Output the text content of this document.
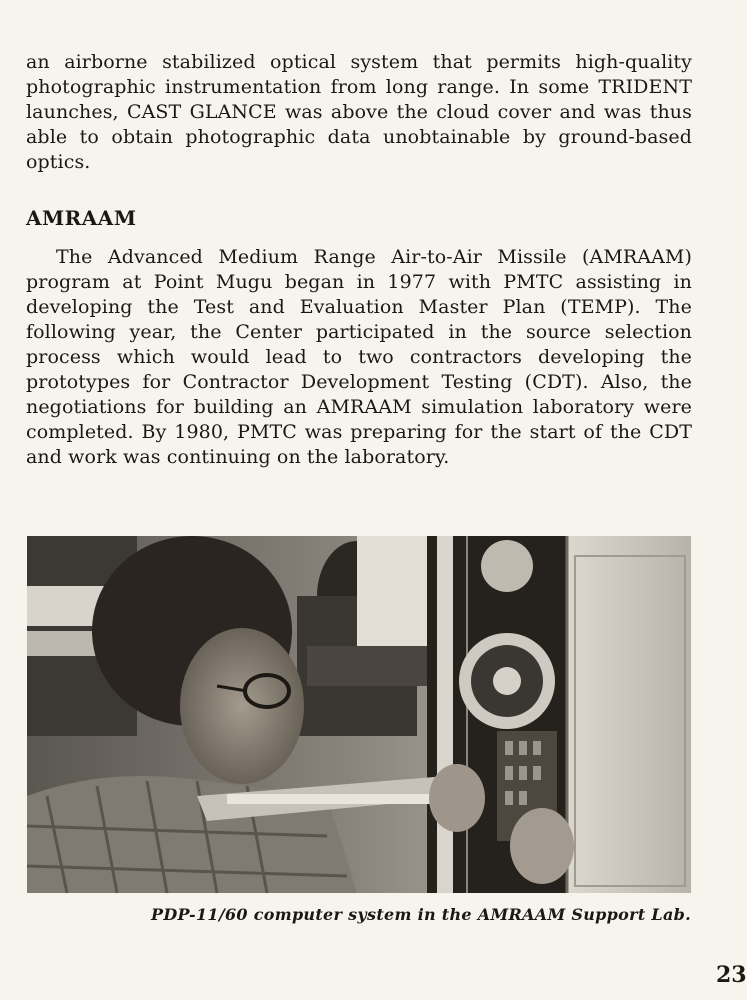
an airborne stabilized optical system that permits high-quality photographic instrumentation from long range. In some TRIDENT launches, CAST GLANCE was above the cloud cover and was thus able to obtain photographic data unobtainable by ground-based optics.

AMRAAM

The Advanced Medium Range Air-to-Air Missile (AMRAAM) program at Point Mugu began in 1977 with PMTC assisting in developing the Test and Evaluation Master Plan (TEMP). The following year, the Center participated in the source selection process which would lead to two contractors developing the prototypes for Contractor Development Testing (CDT). Also, the negotiations for building an AMRAAM simulation laboratory were completed. By 1980, PMTC was preparing for the start of the CDT and work was continuing on the laboratory.

PDP-11/60 computer system in the AMRAAM Support Lab.
23
